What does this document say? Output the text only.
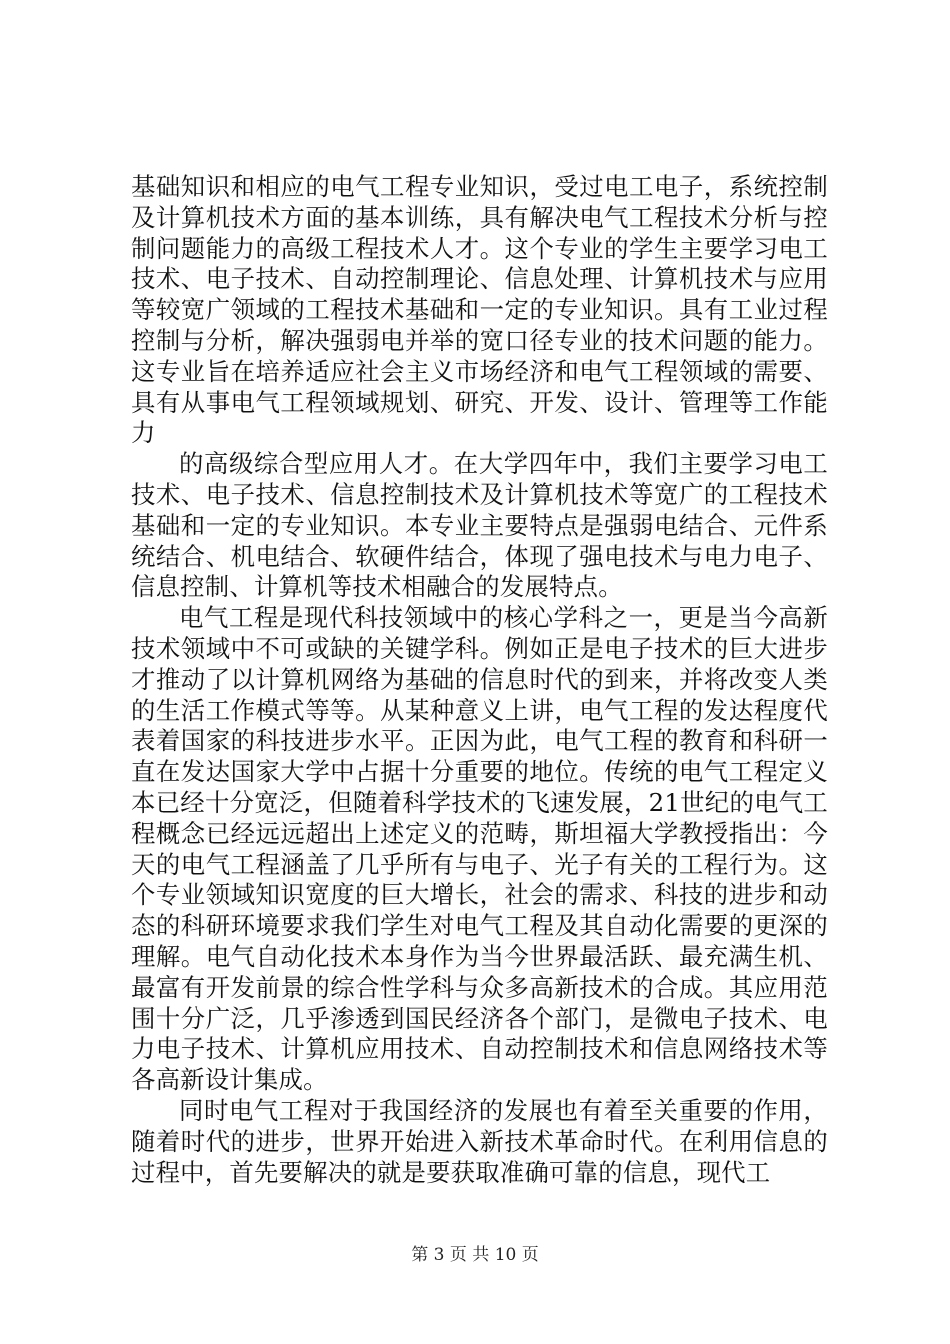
基础知识和相应的电气工程专业知识，受过电工电子，系统控制及计算机技术方面的基本训练，具有解决电气工程技术分析与控制问题能力的高级工程技术人才。这个专业的学生主要学习电工技术、电子技术、自动控制理论、信息处理、计算机技术与应用等较宽广领域的工程技术基础和一定的专业知识。具有工业过程控制与分析，解决强弱电并举的宽口径专业的技术问题的能力。这专业旨在培养适应社会主义市场经济和电气工程领域的需要、具有从事电气工程领域规划、研究、开发、设计、管理等工作能力

的高级综合型应用人才。在大学四年中，我们主要学习电工技术、电子技术、信息控制技术及计算机技术等宽广的工程技术基础和一定的专业知识。本专业主要特点是强弱电结合、元件系统结合、机电结合、软硬件结合，体现了强电技术与电力电子、信息控制、计算机等技术相融合的发展特点。

电气工程是现代科技领域中的核心学科之一，更是当今高新技术领域中不可或缺的关键学科。例如正是电子技术的巨大进步才推动了以计算机网络为基础的信息时代的到来，并将改变人类的生活工作模式等等。从某种意义上讲，电气工程的发达程度代表着国家的科技进步水平。正因为此，电气工程的教育和科研一直在发达国家大学中占据十分重要的地位。传统的电气工程定义本已经十分宽泛，但随着科学技术的飞速发展，21世纪的电气工程概念已经远远超出上述定义的范畴，斯坦福大学教授指出：今天的电气工程涵盖了几乎所有与电子、光子有关的工程行为。这个专业领域知识宽度的巨大增长，社会的需求、科技的进步和动态的科研环境要求我们学生对电气工程及其自动化需要的更深的理解。电气自动化技术本身作为当今世界最活跃、最充满生机、最富有开发前景的综合性学科与众多高新技术的合成。其应用范围十分广泛，几乎渗透到国民经济各个部门，是微电子技术、电力电子技术、计算机应用技术、自动控制技术和信息网络技术等各高新设计集成。

同时电气工程对于我国经济的发展也有着至关重要的作用，随着时代的进步，世界开始进入新技术革命时代。在利用信息的过程中，首先要解决的就是要获取准确可靠的信息，现代工

第 3 页 共 10 页
